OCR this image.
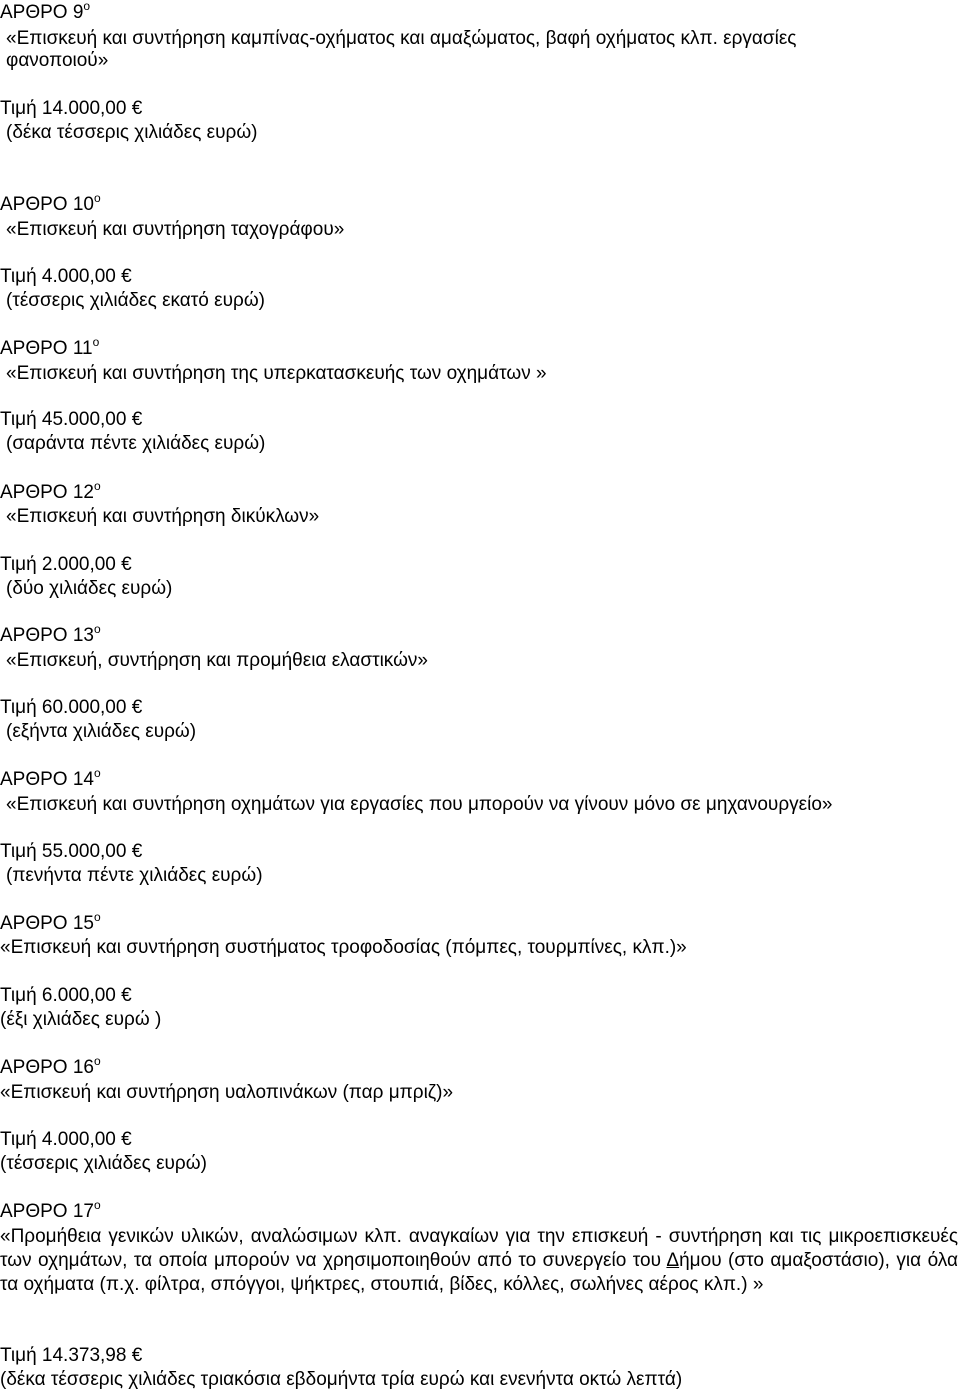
ΑΡΘΡΟ $9^o$
«Επισκευή και συντήρηση καμπίνας-οχήματος και αμαξώματος, βαφή οχήματος κλπ. εργασίες
φανοποιού»
Τιμή 14.000,00 €
(δέκα τέσσερις χιλιάδες ευρώ)
ΑΡΘΡΟ $10^o$
«Επισκευή και συντήρηση ταχογράφου»
Τιμή 4.000,00 €
(τέσσερις χιλιάδες εκατό ευρώ)
ΑΡΘΡΟ $11^o$
«Επισκευή και συντήρηση της υπερκατασκευής των οχημάτων »
Τιμή 45.000,00 €
(σαράντα πέντε χιλιάδες ευρώ)
ΑΡΘΡΟ $12^o$
«Επισκευή και συντήρηση δικύκλων»
Τιμή 2.000,00 €
(δύο χιλιάδες ευρώ)
ΑΡΘΡΟ $13^o$
«Επισκευή, συντήρηση και προμήθεια ελαστικών»
Τιμή 60.000,00 €
(εξήντα χιλιάδες ευρώ)
ΑΡΘΡΟ $14^o$
«Επισκευή και συντήρηση οχημάτων για εργασίες που μπορούν να γίνουν μόνο σε μηχανουργείο»
Τιμή 55.000,00 €
(πενήντα πέντε χιλιάδες ευρώ)
ΑΡΘΡΟ $15^o$
«Επισκευή και συντήρηση συστήματος τροφοδοσίας (πόμπες, τουρμπίνες, κλπ.)»
Τιμή 6.000,00 €
(έξι χιλιάδες ευρώ )
ΑΡΘΡΟ $16^o$
«Επισκευή και συντήρηση υαλοπινάκων (παρ μπριζ)»
Τιμή 4.000,00 €
(τέσσερις χιλιάδες ευρώ)
ΑΡΘΡΟ $17^o$
«Προμήθεια γενικών υλικών, αναλώσιμων κλπ. αναγκαίων για την επισκευή - συντήρηση και τις μικροεπισκευές των οχημάτων, τα οποία μπορούν να χρησιμοποιηθούν από το συνεργείο του Δήμου (στο αμαξοστάσιο), για όλα τα οχήματα (π.χ. φίλτρα, σπόγγοι, ψήκτρες, στουπιά, βίδες, κόλλες, σωλήνες αέρος κλπ.) »
Τιμή 14.373,98 €
(δέκα τέσσερις χιλιάδες τριακόσια εβδομήντα τρία ευρώ και ενενήντα οκτώ λεπτά)
